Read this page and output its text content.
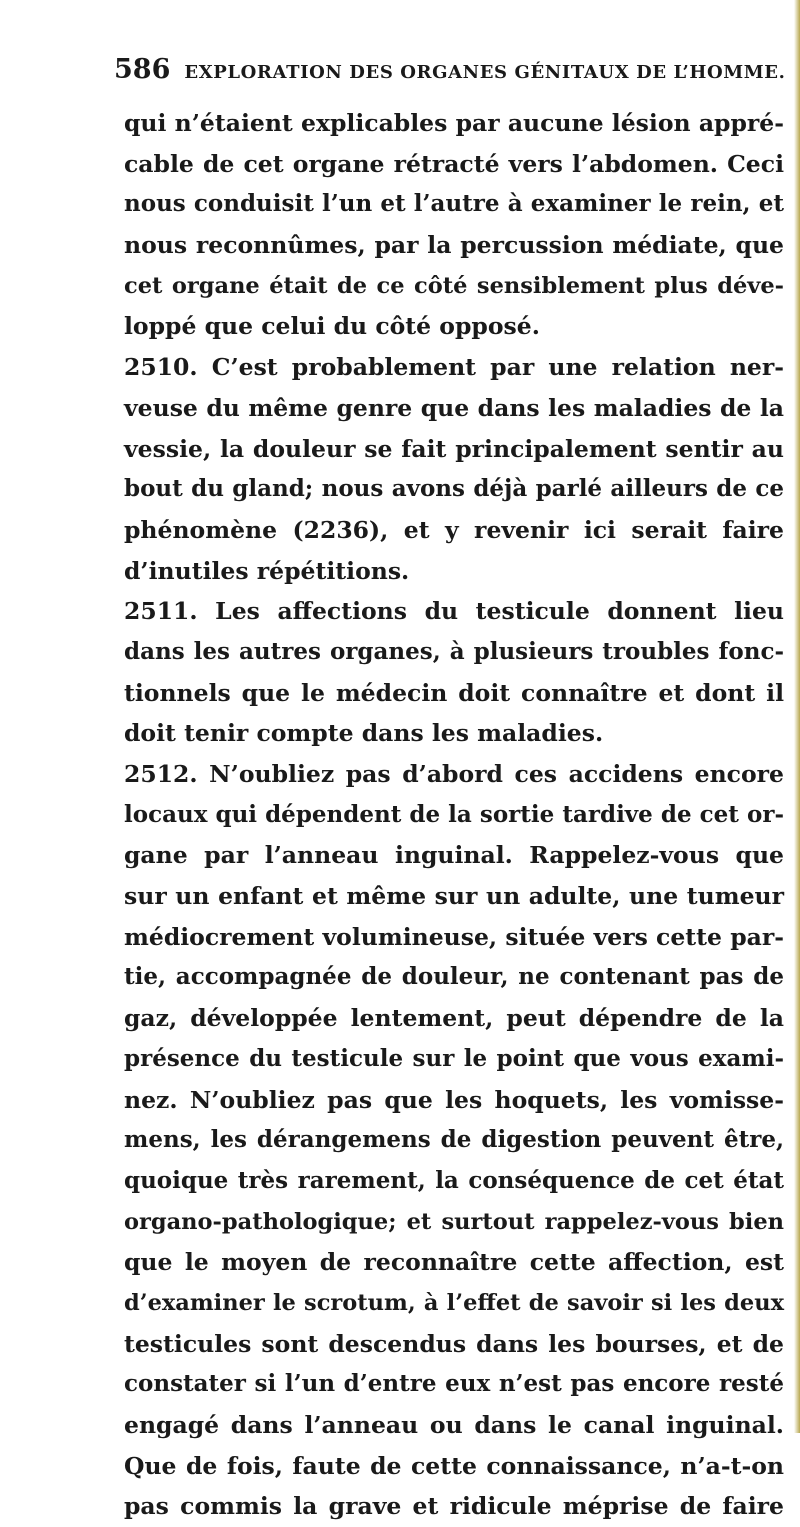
586 EXPLORATION DES ORGANES GÉNITAUX DE L’HOMME.
qui n’étaient explicables par aucune lésion appré-
cable de cet organe rétracté vers l’abdomen. Ceci
nous conduisit l’un et l’autre à examiner le rein, et
nous reconnûmes, par la percussion médiate, que
cet organe était de ce côté sensiblement plus déve-
loppé que celui du côté opposé.
2510. C’est probablement par une relation ner-
veuse du même genre que dans les maladies de la
vessie, la douleur se fait principalement sentir au
bout du gland; nous avons déjà parlé ailleurs de ce
phénomène (2236), et y revenir ici serait faire
d’inutiles répétitions.
2511. Les affections du testicule donnent lieu
dans les autres organes, à plusieurs troubles fonc-
tionnels que le médecin doit connaître et dont il
doit tenir compte dans les maladies.
2512. N’oubliez pas d’abord ces accidens encore
locaux qui dépendent de la sortie tardive de cet or-
gane par l’anneau inguinal. Rappelez-vous que
sur un enfant et même sur un adulte, une tumeur
médiocrement volumineuse, située vers cette par-
tie, accompagnée de douleur, ne contenant pas de
gaz, développée lentement, peut dépendre de la
présence du testicule sur le point que vous exami-
nez. N’oubliez pas que les hoquets, les vomisse-
mens, les dérangemens de digestion peuvent être,
quoique très rarement, la conséquence de cet état
organo-pathologique; et surtout rappelez-vous bien
que le moyen de reconnaître cette affection, est
d’examiner le scrotum, à l’effet de savoir si les deux
testicules sont descendus dans les bourses, et de
constater si l’un d’entre eux n’est pas encore resté
engagé dans l’anneau ou dans le canal inguinal.
Que de fois, faute de cette connaissance, n’a-t-on
pas commis la grave et ridicule méprise de faire
